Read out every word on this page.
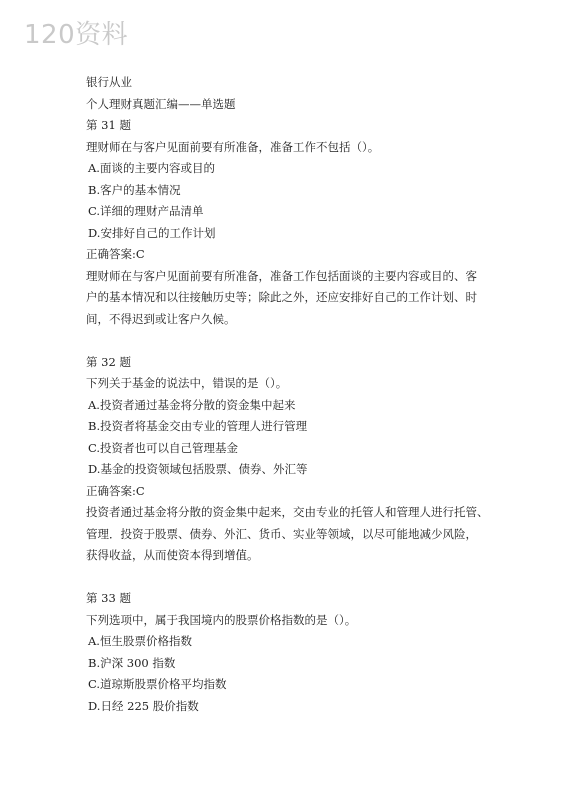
120资料
银行从业
个人理财真题汇编——单选题
第 31 题
理财师在与客户见面前要有所准备，准备工作不包括（）。
A.面谈的主要内容或目的
B.客户的基本情况
C.详细的理财产品清单
D.安排好自己的工作计划
正确答案:C
理财师在与客户见面前要有所准备，准备工作包括面谈的主要内容或目的、客
户的基本情况和以往接触历史等；除此之外，还应安排好自己的工作计划、时
间，不得迟到或让客户久候。
第 32 题
下列关于基金的说法中，错误的是（）。
A.投资者通过基金将分散的资金集中起来
B.投资者将基金交由专业的管理人进行管理
C.投资者也可以自己管理基金
D.基金的投资领域包括股票、债券、外汇等
正确答案:C
投资者通过基金将分散的资金集中起来，交由专业的托管人和管理人进行托管、
管理．投资于股票、债券、外汇、货币、实业等领域，以尽可能地减少风险，
获得收益，从而使资本得到增值。
第 33 题
下列选项中，属于我国境内的股票价格指数的是（）。
A.恒生股票价格指数
B.沪深 300 指数
C.道琼斯股票价格平均指数
D.日经 225 股价指数
